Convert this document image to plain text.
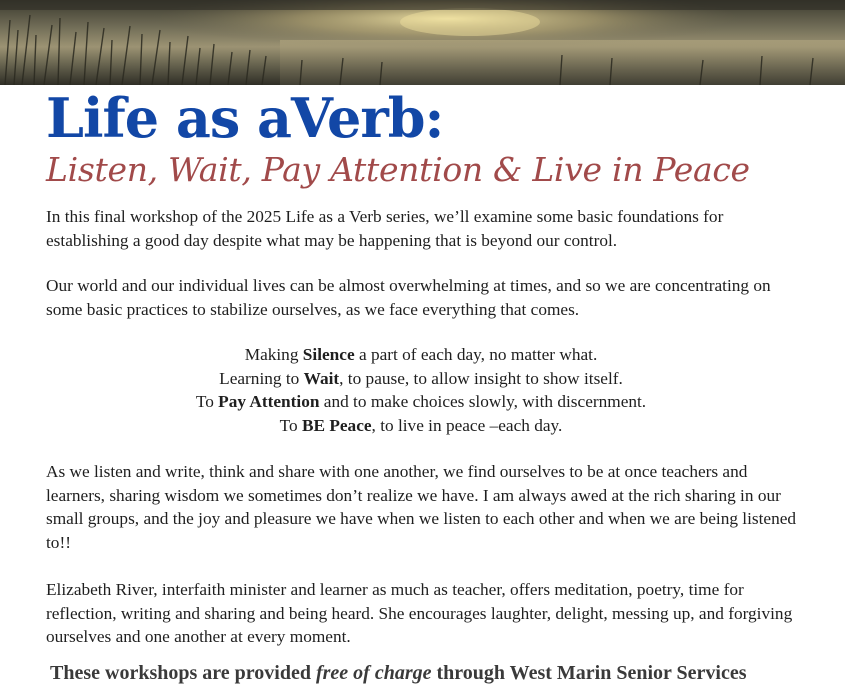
Life as aVerb:
Listen, Wait, Pay Attention & Live in Peace

In this final workshop of the 2025 Life as a Verb series, we’ll examine some basic foundations for establishing a good day despite what may be happening that is beyond our control.

Our world and our individual lives can be almost overwhelming at times, and so we are concentrating on some basic practices to stabilize ourselves, as we face everything that comes.

Making Silence a part of each day, no matter what.
Learning to Wait, to pause, to allow insight to show itself.
To Pay Attention and to make choices slowly, with discernment.
To BE Peace, to live in peace –each day.

As we listen and write, think and share with one another, we find ourselves to be at once teachers and learners, sharing wisdom we sometimes don’t realize we have. I am always awed at the rich sharing in our small groups, and the joy and pleasure we have when we listen to each other and when we are being listened to!!

Elizabeth River, interfaith minister and learner as much as teacher, offers meditation, poetry, time for reflection, writing and sharing and being heard. She encourages laughter, delight, messing up, and forgiving ourselves and one another at every moment.

These workshops are provided free of charge through West Marin Senior Services
